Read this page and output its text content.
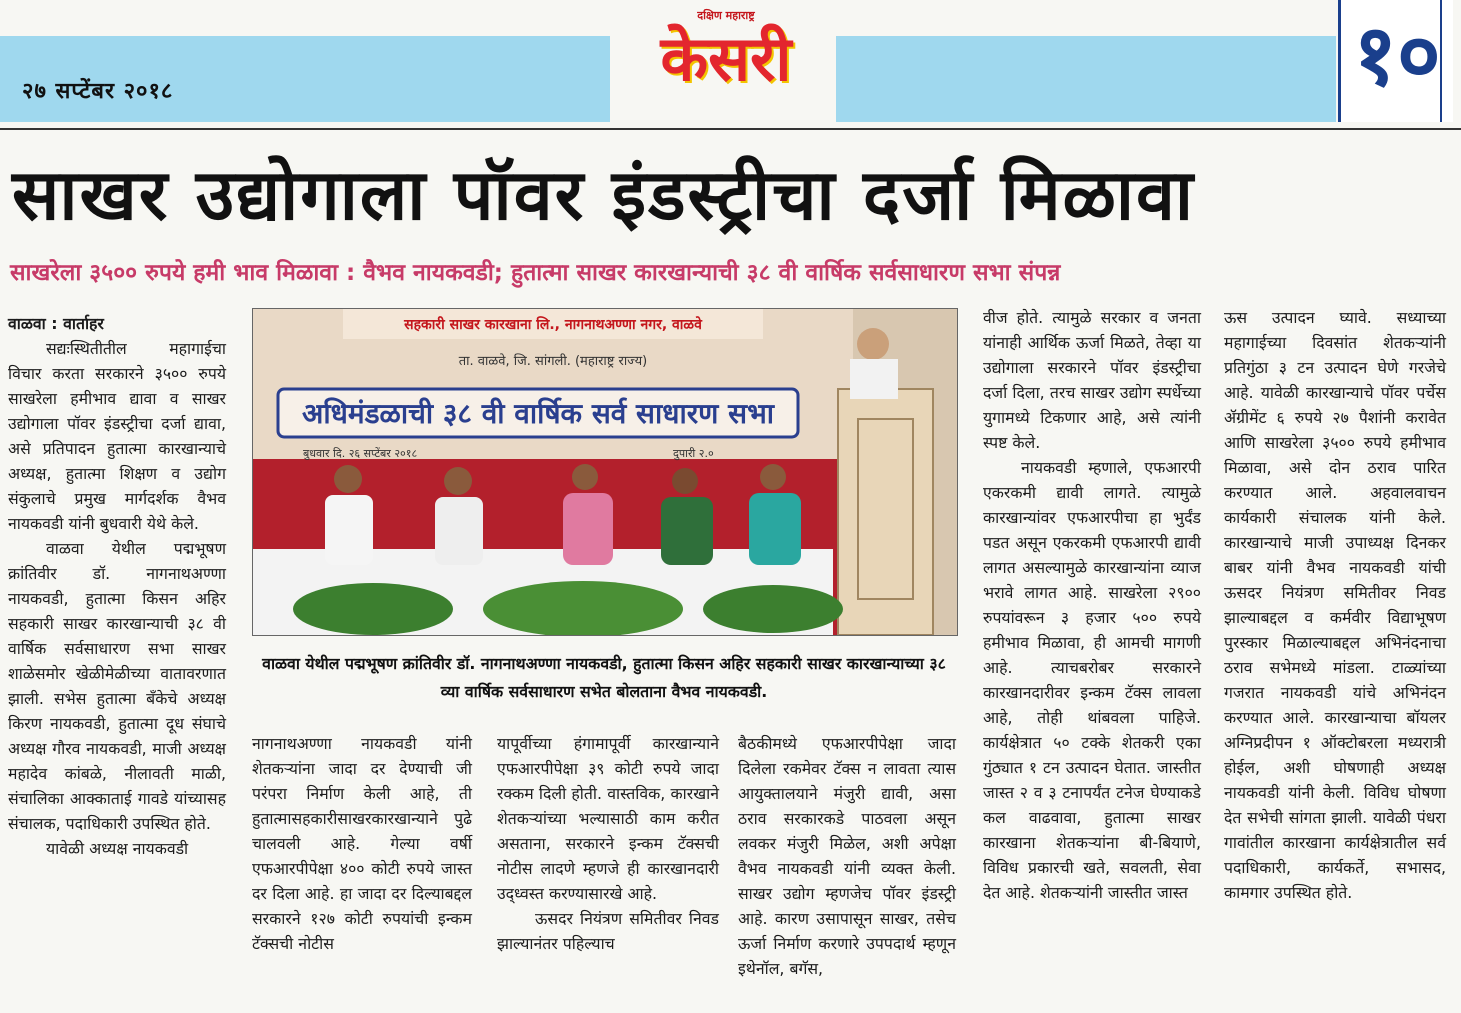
२७ सप्टेंबर २०१८
दक्षिण महाराष्ट्र
केसरी	१०
साखर उद्योगाला पॉवर इंडस्ट्रीचा दर्जा मिळावा
साखरेला ३५०० रुपये हमी भाव मिळावा : वैभव नायकवडी; हुतात्मा साखर कारखान्याची ३८ वी वार्षिक सर्वसाधारण सभा संपन्न

वाळवा : वार्ताहर

सद्यःस्थितीतील महागाईचा विचार करता सरकारने ३५०० रुपये साखरेला हमीभाव द्यावा व साखर उद्योगाला पॉवर इंडस्ट्रीचा दर्जा द्यावा, असे प्रतिपादन हुतात्मा कारखान्याचे अध्यक्ष, हुतात्मा शिक्षण व उद्योग संकुलाचे प्रमुख मार्गदर्शक वैभव नायकवडी यांनी बुधवारी येथे केले.

वाळवा येथील पद्मभूषण क्रांतिवीर डॉ. नागनाथअण्णा नायकवडी, हुतात्मा किसन अहिर सहकारी साखर कारखान्याची ३८ वी वार्षिक सर्वसाधारण सभा साखर शाळेसमोर खेळीमेळीच्या वातावरणात झाली. सभेस हुतात्मा बँकेचे अध्यक्ष किरण नायकवडी, हुतात्मा दूध संघाचे अध्यक्ष गौरव नायकवडी, माजी अध्यक्ष महादेव कांबळे, नीलावती माळी, संचालिका आक्काताई गावडे यांच्यासह संचालक, पदाधिकारी उपस्थित होते.

यावेळी अध्यक्ष नायकवडी

सहकारी साखर कारखाना लि., नागनाथअण्णा नगर, वाळवे
ता. वाळवे, जि. सांगली. (महाराष्ट्र राज्य)
अधिमंडळाची ३८ वी वार्षिक सर्व साधारण सभा
बुधवार दि. २६ सप्टेंबर २०१८	दुपारी २.०
वाळवा येथील पद्मभूषण क्रांतिवीर डॉ. नागनाथअण्णा नायकवडी, हुतात्मा किसन अहिर सहकारी साखर कारखान्याच्या ३८ व्या वार्षिक सर्वसाधारण सभेत बोलताना वैभव नायकवडी.

नागनाथअण्णा नायकवडी यांनी शेतकऱ्यांना जादा दर देण्याची जी परंपरा निर्माण केली आहे, ती हुतात्मासहकारीसाखरकारखान्याने पुढे चालवली आहे. गेल्या वर्षी एफआरपीपेक्षा ४०० कोटी रुपये जास्त दर दिला आहे. हा जादा दर दिल्याबद्दल सरकारने १२७ कोटी रुपयांची इन्कम टॅक्सची नोटीस

यापूर्वीच्या हंगामापूर्वी कारखान्याने एफआरपीपेक्षा ३९ कोटी रुपये जादा रक्कम दिली होती. वास्तविक, कारखाने शेतकऱ्यांच्या भल्यासाठी काम करीत असताना, सरकारने इन्कम टॅक्सची नोटीस लादणे म्हणजे ही कारखानदारी उद्ध्वस्त करण्यासारखे आहे.

ऊसदर नियंत्रण समितीवर निवड झाल्यानंतर पहिल्याच

बैठकीमध्ये एफआरपीपेक्षा जादा दिलेला रकमेवर टॅक्स न लावता त्यास आयुक्तालयाने मंजुरी द्यावी, असा ठराव सरकारकडे पाठवला असून लवकर मंजुरी मिळेल, अशी अपेक्षा वैभव नायकवडी यांनी व्यक्त केली. साखर उद्योग म्हणजेच पॉवर इंडस्ट्री आहे. कारण उसापासून साखर, तसेच ऊर्जा निर्माण करणारे उपपदार्थ म्हणून इथेनॉल, बगॅस,

वीज होते. त्यामुळे सरकार व जनता यांनाही आर्थिक ऊर्जा मिळते, तेव्हा या उद्योगाला सरकारने पॉवर इंडस्ट्रीचा दर्जा दिला, तरच साखर उद्योग स्पर्धेच्या युगामध्ये टिकणार आहे, असे त्यांनी स्पष्ट केले.

नायकवडी म्हणाले, एफआरपी एकरकमी द्यावी लागते. त्यामुळे कारखान्यांवर एफआरपीचा हा भुर्दंड पडत असून एकरकमी एफआरपी द्यावी लागत असल्यामुळे कारखान्यांना व्याज भरावे लागत आहे. साखरेला २९०० रुपयांवरून ३ हजार ५०० रुपये हमीभाव मिळावा, ही आमची मागणी आहे. त्याचबरोबर सरकारने कारखानदारीवर इन्कम टॅक्स लावला आहे, तोही थांबवला पाहिजे. कार्यक्षेत्रात ५० टक्के शेतकरी एका गुंठ्यात १ टन उत्पादन घेतात. जास्तीत जास्त २ व ३ टनापर्यंत टनेज घेण्याकडे कल वाढवावा, हुतात्मा साखर कारखाना शेतकऱ्यांना बी-बियाणे, विविध प्रकारची खते, सवलती, सेवा देत आहे. शेतकऱ्यांनी जास्तीत जास्त

ऊस उत्पादन घ्यावे. सध्याच्या महागाईच्या दिवसांत शेतकऱ्यांनी प्रतिगुंठा ३ टन उत्पादन घेणे गरजेचे आहे. यावेळी कारखान्याचे पॉवर पर्चेस ॲग्रीमेंट ६ रुपये २७ पैशांनी करावेत आणि साखरेला ३५०० रुपये हमीभाव मिळावा, असे दोन ठराव पारित करण्यात आले. अहवालवाचन कार्यकारी संचालक यांनी केले. कारखान्याचे माजी उपाध्यक्ष दिनकर बाबर यांनी वैभव नायकवडी यांची ऊसदर नियंत्रण समितीवर निवड झाल्याबद्दल व कर्मवीर विद्याभूषण पुरस्कार मिळाल्याबद्दल अभिनंदनाचा ठराव सभेमध्ये मांडला. टाळ्यांच्या गजरात नायकवडी यांचे अभिनंदन करण्यात आले. कारखान्याचा बॉयलर अग्निप्रदीपन १ ऑक्टोबरला मध्यरात्री होईल, अशी घोषणाही अध्यक्ष नायकवडी यांनी केली. विविध घोषणा देत सभेची सांगता झाली. यावेळी पंधरा गावांतील कारखाना कार्यक्षेत्रातील सर्व पदाधिकारी, कार्यकर्ते, सभासद, कामगार उपस्थित होते.
